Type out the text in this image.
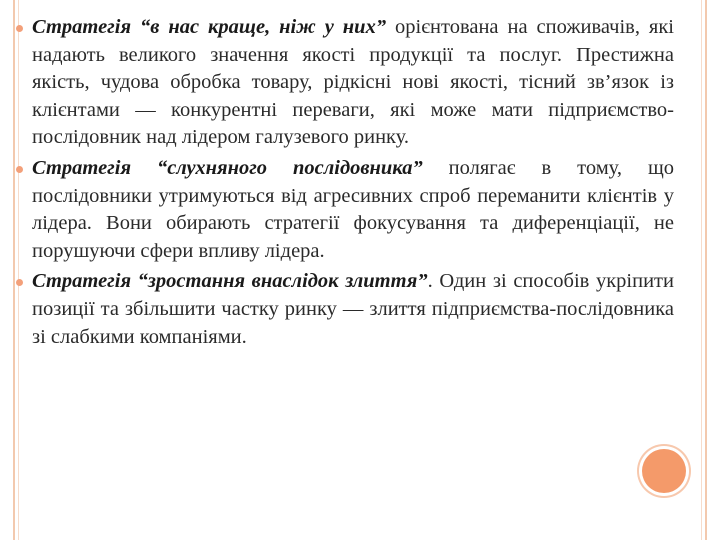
Стратегія “в нас краще, ніж у них” орієнтована на споживачів, які надають великого значення якості продукції та послуг. Престижна якість, чудова обробка товару, рідкісні нові якості, тісний зв’язок із клієнтами — конкурентні переваги, які може мати підприємство-послідовник над лідером галузевого ринку.

Стратегія “слухняного послідовника” полягає в тому, що послідовники утримуються від агресивних спроб переманити клієнтів у лідера. Вони обирають стратегії фокусування та диференціації, не порушуючи сфери впливу лідера.

Стратегія “зростання внаслідок злиття”. Один зі способів укріпити позиції та збільшити частку ринку — злиття підприємства-послідовника зі слабкими компаніями.
